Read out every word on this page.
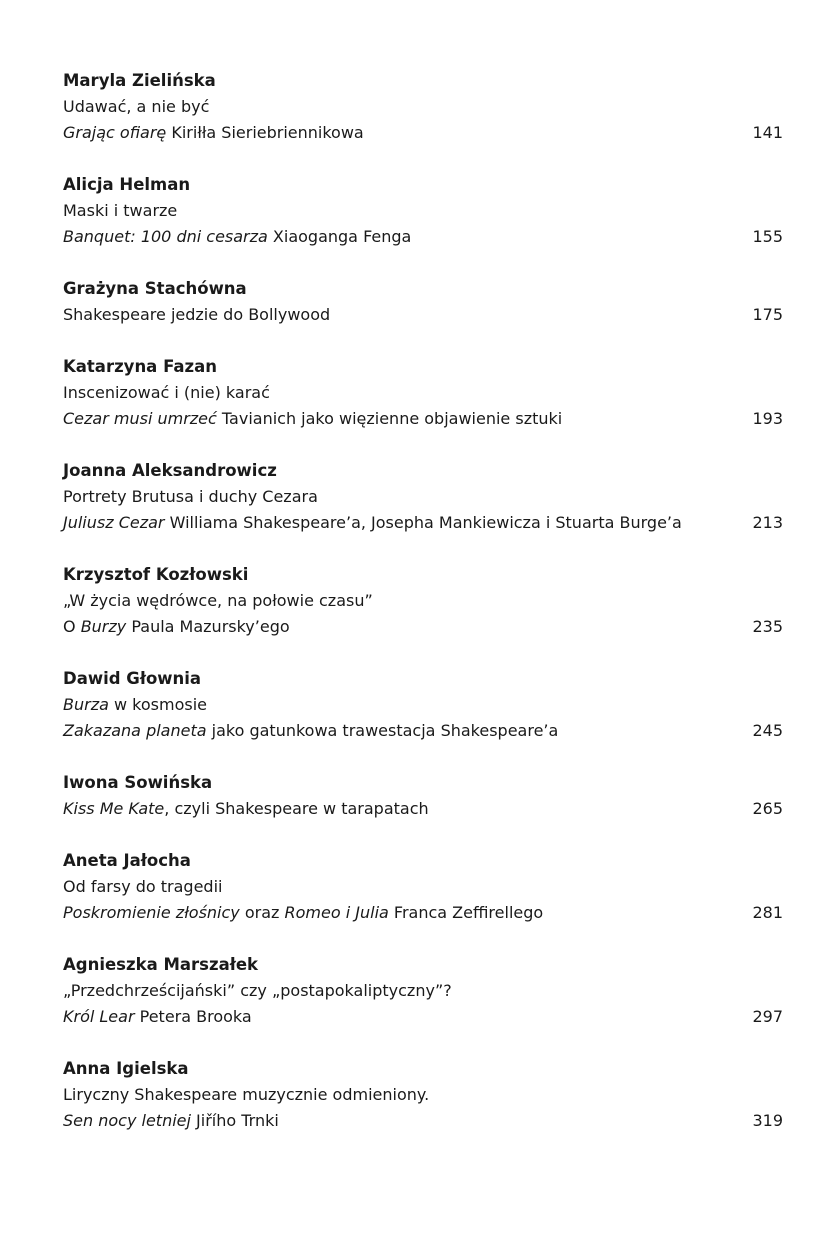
Maryla Zielińska
Udawać, a nie być
Grając ofiarę Kiriłła Sieriebriennikowa	141
Alicja Helman
Maski i twarze
Banquet: 100 dni cesarza Xiaoganga Fenga	155
Grażyna Stachówna
Shakespeare jedzie do Bollywood	175
Katarzyna Fazan
Inscenizować i (nie) karać
Cezar musi umrzeć Tavianich jako więzienne objawienie sztuki	193
Joanna Aleksandrowicz
Portrety Brutusa i duchy Cezara
Juliusz Cezar Williama Shakespeare’a, Josepha Mankiewicza i Stuarta Burge’a	213
Krzysztof Kozłowski
„W życia wędrówce, na połowie czasu”
O Burzy Paula Mazursky’ego	235
Dawid Głownia
Burza w kosmosie
Zakazana planeta jako gatunkowa trawestacja Shakespeare’a	245
Iwona Sowińska
Kiss Me Kate, czyli Shakespeare w tarapatach	265
Aneta Jałocha
Od farsy do tragedii
Poskromienie złośnicy oraz Romeo i Julia Franca Zeffirellego	281
Agnieszka Marszałek
„Przedchrześcijański” czy „postapokaliptyczny”?
Król Lear Petera Brooka	297
Anna Igielska
Liryczny Shakespeare muzycznie odmieniony.
Sen nocy letniej Jiřího Trnki	319
